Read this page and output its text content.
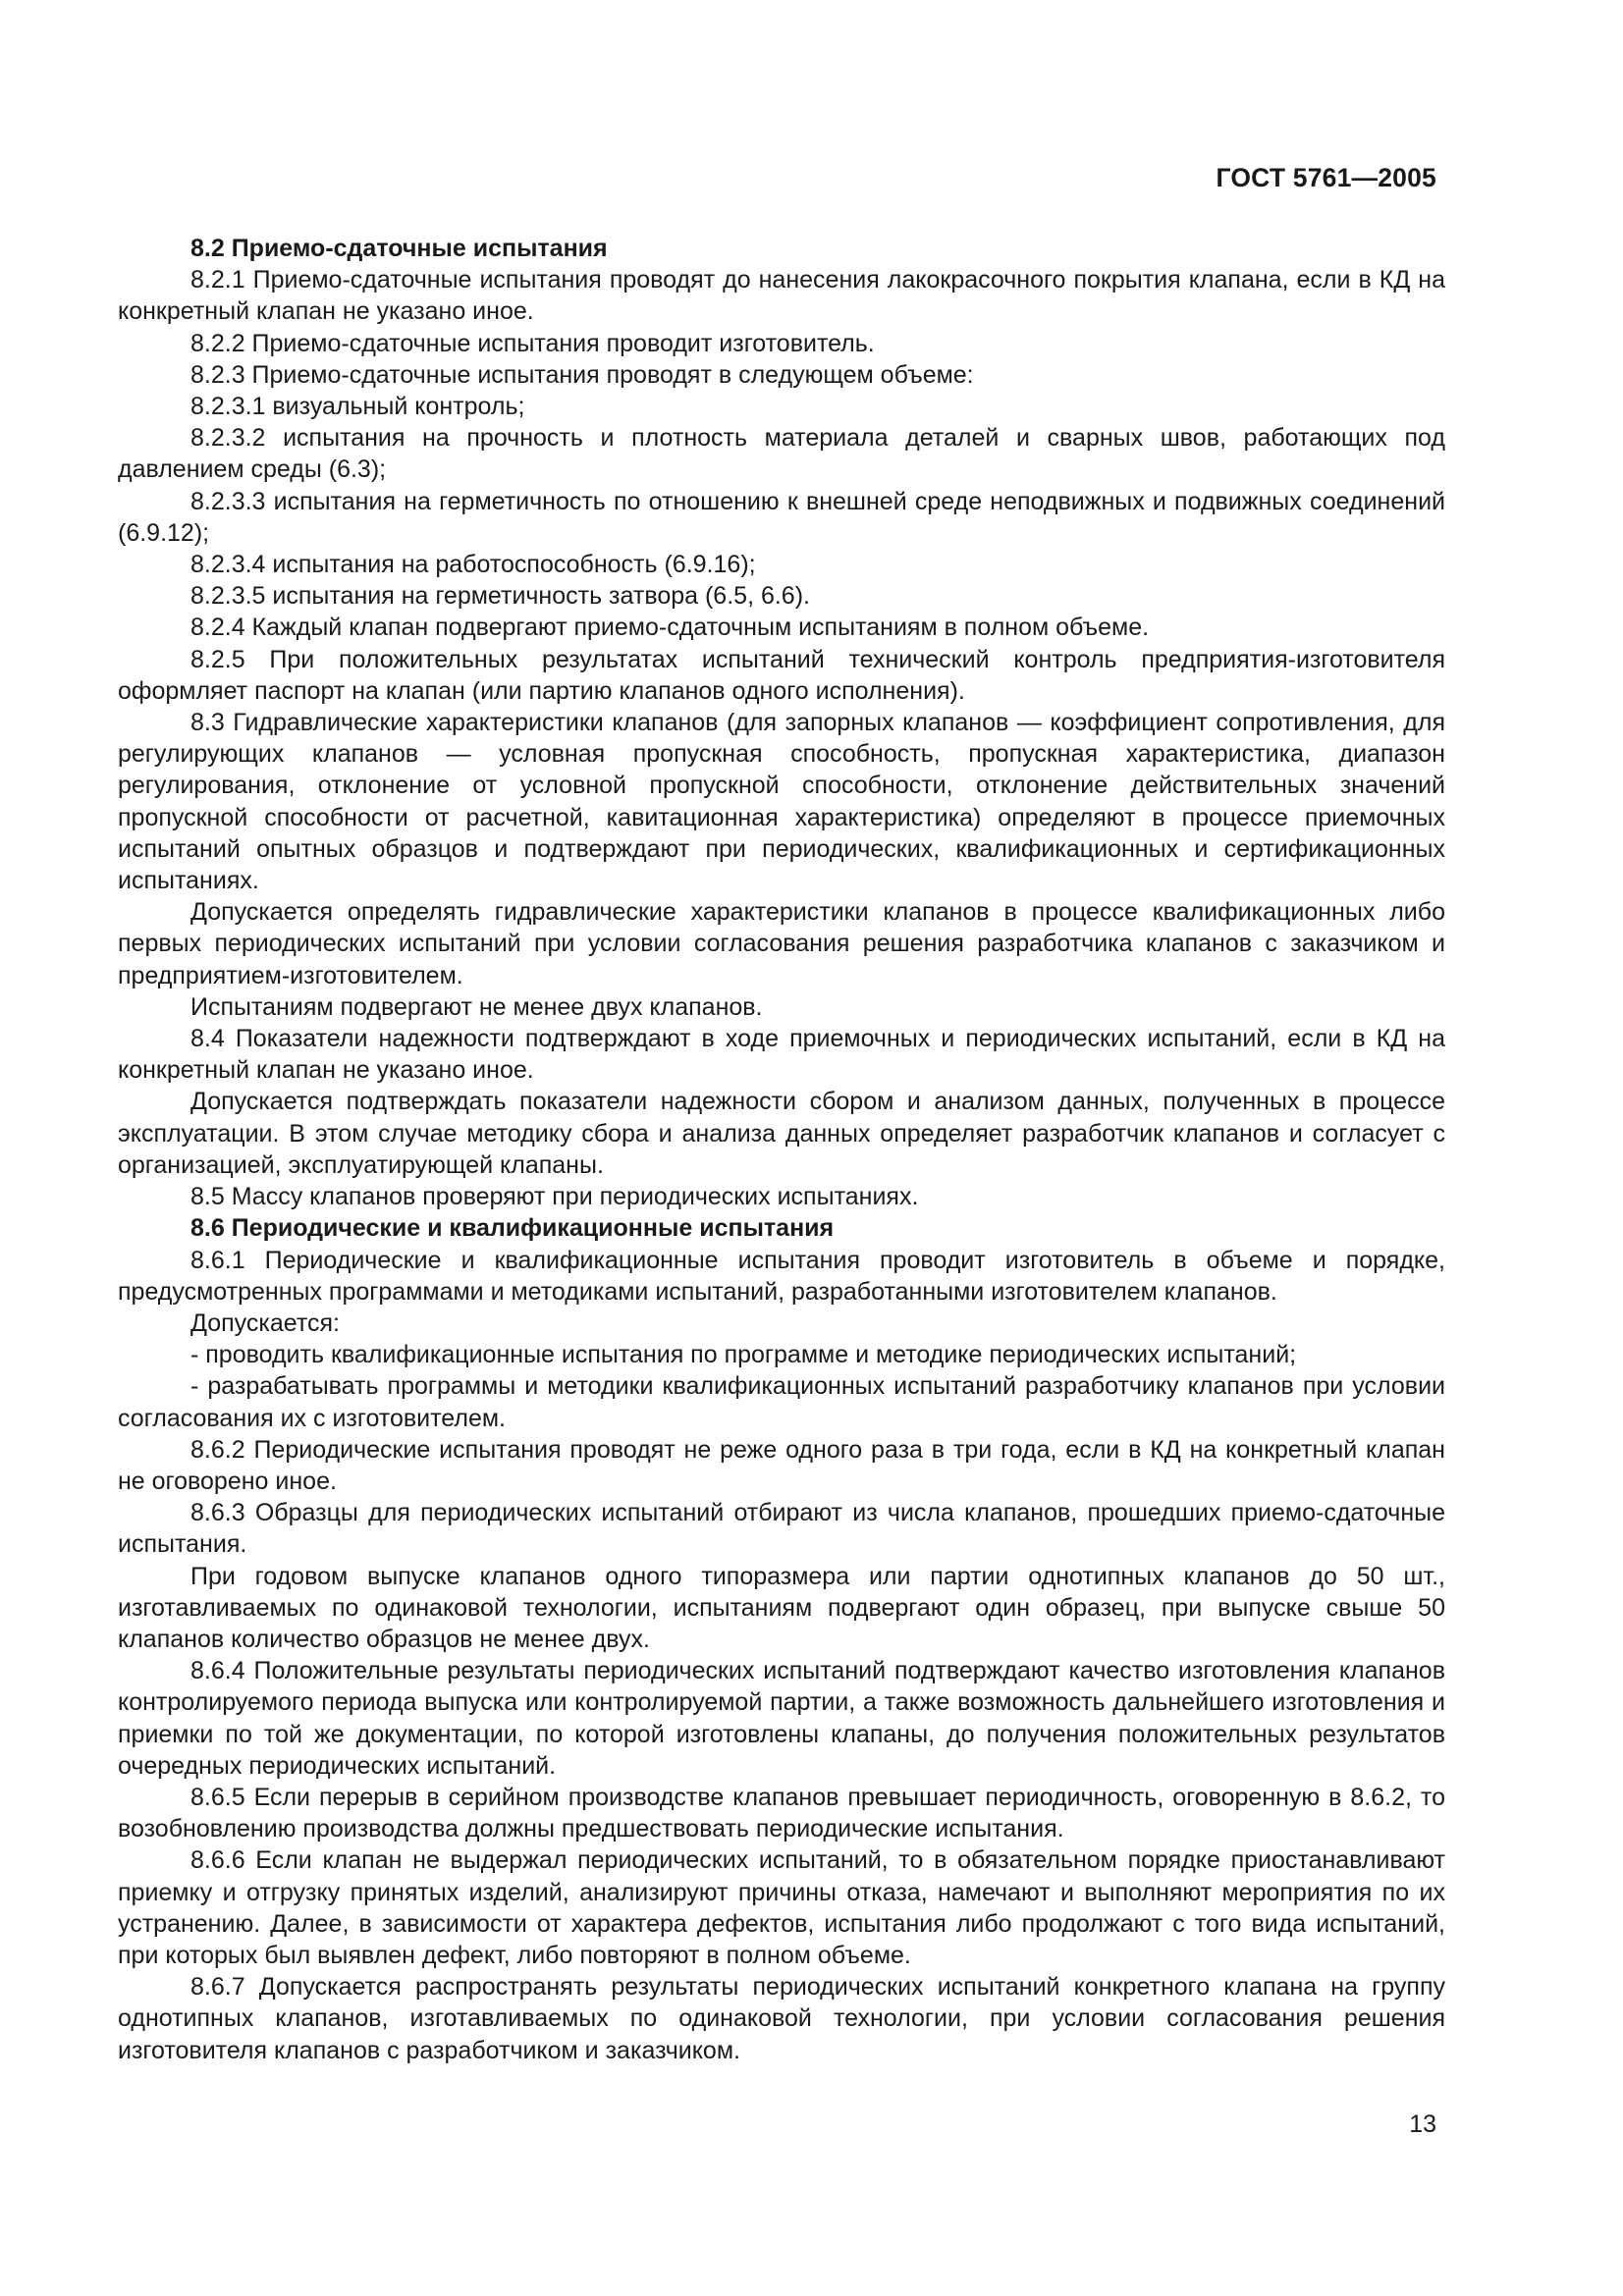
ГОСТ 5761—2005

8.2 Приемо-сдаточные испытания

8.2.1 Приемо-сдаточные испытания проводят до нанесения лакокрасочного покрытия клапана, если в КД на конкретный клапан не указано иное.

8.2.2 Приемо-сдаточные испытания проводит изготовитель.

8.2.3 Приемо-сдаточные испытания проводят в следующем объеме:

8.2.3.1 визуальный контроль;

8.2.3.2 испытания на прочность и плотность материала деталей и сварных швов, работающих под давлением среды (6.3);

8.2.3.3 испытания на герметичность по отношению к внешней среде неподвижных и подвижных соединений (6.9.12);

8.2.3.4 испытания на работоспособность (6.9.16);

8.2.3.5 испытания на герметичность затвора (6.5, 6.6).

8.2.4 Каждый клапан подвергают приемо-сдаточным испытаниям в полном объеме.

8.2.5 При положительных результатах испытаний технический контроль предприятия-изготовителя оформляет паспорт на клапан (или партию клапанов одного исполнения).

8.3 Гидравлические характеристики клапанов (для запорных клапанов — коэффициент сопротивления, для регулирующих клапанов — условная пропускная способность, пропускная характеристика, диапазон регулирования, отклонение от условной пропускной способности, отклонение действительных значений пропускной способности от расчетной, кавитационная характеристика) определяют в процессе приемочных испытаний опытных образцов и подтверждают при периодических, квалификационных и сертификационных испытаниях.

Допускается определять гидравлические характеристики клапанов в процессе квалификационных либо первых периодических испытаний при условии согласования решения разработчика клапанов с заказчиком и предприятием-изготовителем.

Испытаниям подвергают не менее двух клапанов.

8.4 Показатели надежности подтверждают в ходе приемочных и периодических испытаний, если в КД на конкретный клапан не указано иное.

Допускается подтверждать показатели надежности сбором и анализом данных, полученных в процессе эксплуатации. В этом случае методику сбора и анализа данных определяет разработчик клапанов и согласует с организацией, эксплуатирующей клапаны.

8.5 Массу клапанов проверяют при периодических испытаниях.

8.6 Периодические и квалификационные испытания

8.6.1 Периодические и квалификационные испытания проводит изготовитель в объеме и порядке, предусмотренных программами и методиками испытаний, разработанными изготовителем клапанов.

Допускается:

- проводить квалификационные испытания по программе и методике периодических испытаний;

- разрабатывать программы и методики квалификационных испытаний разработчику клапанов при условии согласования их с изготовителем.

8.6.2 Периодические испытания проводят не реже одного раза в три года, если в КД на конкретный клапан не оговорено иное.

8.6.3 Образцы для периодических испытаний отбирают из числа клапанов, прошедших приемо-сдаточные испытания.

При годовом выпуске клапанов одного типоразмера или партии однотипных клапанов до 50 шт., изготавливаемых по одинаковой технологии, испытаниям подвергают один образец, при выпуске свыше 50 клапанов количество образцов не менее двух.

8.6.4 Положительные результаты периодических испытаний подтверждают качество изготовления клапанов контролируемого периода выпуска или контролируемой партии, а также возможность дальнейшего изготовления и приемки по той же документации, по которой изготовлены клапаны, до получения положительных результатов очередных периодических испытаний.

8.6.5 Если перерыв в серийном производстве клапанов превышает периодичность, оговоренную в 8.6.2, то возобновлению производства должны предшествовать периодические испытания.

8.6.6 Если клапан не выдержал периодических испытаний, то в обязательном порядке приостанавливают приемку и отгрузку принятых изделий, анализируют причины отказа, намечают и выполняют мероприятия по их устранению. Далее, в зависимости от характера дефектов, испытания либо продолжают с того вида испытаний, при которых был выявлен дефект, либо повторяют в полном объеме.

8.6.7 Допускается распространять результаты периодических испытаний конкретного клапана на группу однотипных клапанов, изготавливаемых по одинаковой технологии, при условии согласования решения изготовителя клапанов с разработчиком и заказчиком.

13
